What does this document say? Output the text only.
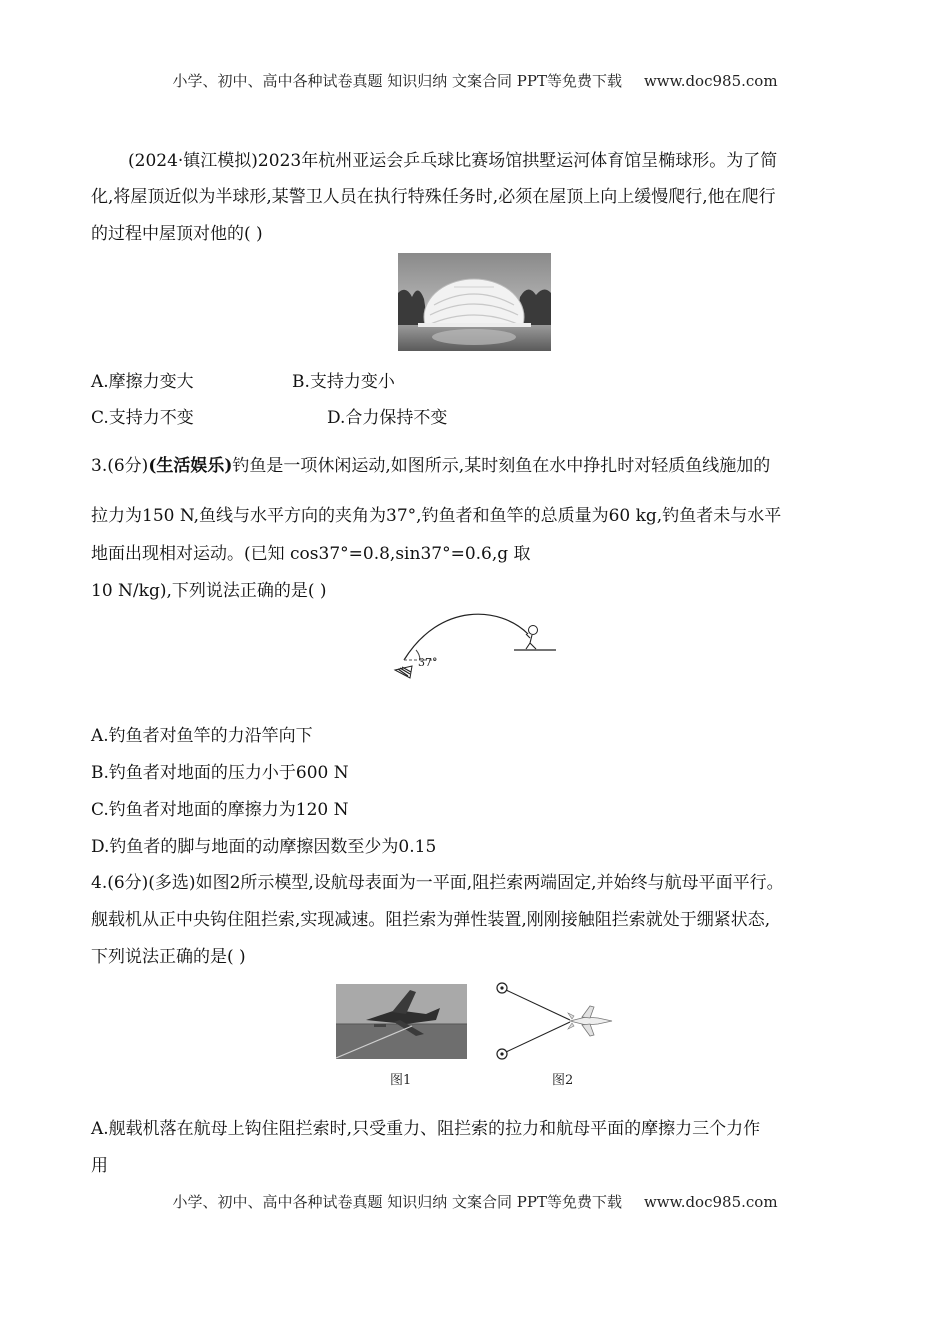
小学、初中、高中各种试卷真题 知识归纳 文案合同 PPT等免费下载 www.doc985.com
(2024·镇江模拟)2023年杭州亚运会乒乓球比赛场馆拱墅运河体育馆呈椭球形。为了简
化,将屋顶近似为半球形,某警卫人员在执行特殊任务时,必须在屋顶上向上缓慢爬行,他在爬行
的过程中屋顶对他的( )
A.摩擦力变大	B.支持力变小
C.支持力不变	D.合力保持不变
3.(6分)(生活娱乐)钓鱼是一项休闲运动,如图所示,某时刻鱼在水中挣扎时对轻质鱼线施加的
拉力为150 N,鱼线与水平方向的夹角为37°,钓鱼者和鱼竿的总质量为60 kg,钓鱼者未与水平
地面出现相对运动。(已知 cos37°=0.8,sin37°=0.6,g 取
10 N/kg),下列说法正确的是( )
37°
A.钓鱼者对鱼竿的力沿竿向下
B.钓鱼者对地面的压力小于600 N
C.钓鱼者对地面的摩擦力为120 N
D.钓鱼者的脚与地面的动摩擦因数至少为0.15
4.(6分)(多选)如图2所示模型,设航母表面为一平面,阻拦索两端固定,并始终与航母平面平行。
舰载机从正中央钩住阻拦索,实现减速。阻拦索为弹性装置,刚刚接触阻拦索就处于绷紧状态,
下列说法正确的是( )
图1	图2
A.舰载机落在航母上钩住阻拦索时,只受重力、阻拦索的拉力和航母平面的摩擦力三个力作
用
小学、初中、高中各种试卷真题 知识归纳 文案合同 PPT等免费下载 www.doc985.com
